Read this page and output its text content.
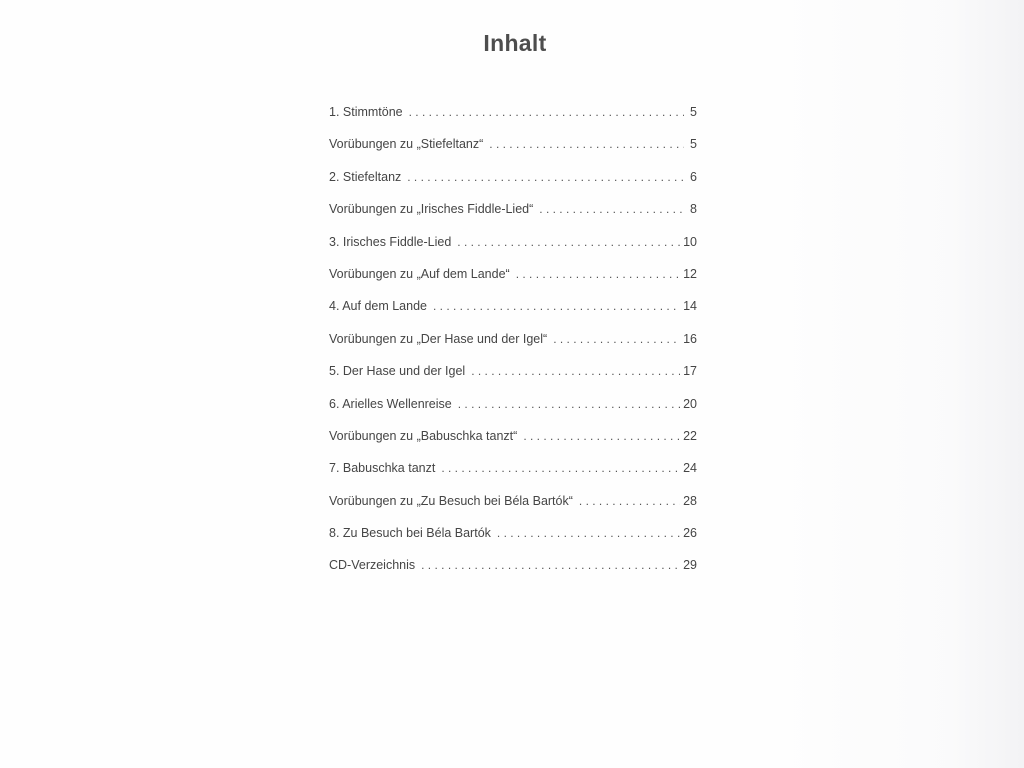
Inhalt
1. Stimmtöne . . .	5
Vorübungen zu „Stiefeltanz“ . . .	5
2. Stiefeltanz . . .	6
Vorübungen zu „Irisches Fiddle-Lied“ . . .	8
3. Irisches Fiddle-Lied . . .	10
Vorübungen zu „Auf dem Lande“ . . .	12
4. Auf dem Lande . . .	14
Vorübungen zu „Der Hase und der Igel“ . . .	16
5. Der Hase und der Igel . . .	17
6. Arielles Wellenreise . . .	20
Vorübungen zu „Babuschka tanzt“ . . .	22
7. Babuschka tanzt . . .	24
Vorübungen zu „Zu Besuch bei Béla Bartók“ . . .	28
8. Zu Besuch bei Béla Bartók . . .	26
CD-Verzeichnis . . .	29
